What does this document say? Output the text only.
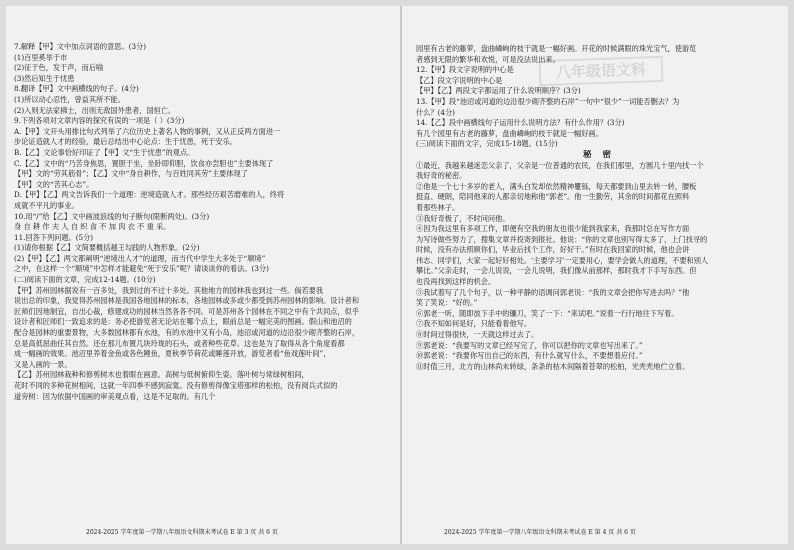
7.解释【甲】文中加点词语的意思。(3分)
(1)百里奚举于市
(2)征于色，发于声，而后喻
(3)然后知生于忧患
8.翻译【甲】文中画横线的句子。(4分)
(1)所以动心忍性，曾益其所不能。
(2)入则无法家拂士，出则无敌国外患者，国恒亡。
9.下列各项对文章内容的探究有误的一项是（ ）(3分)
A.【甲】文开头用排比句式列举了六位历史上著名人物的事例，又从正反两方面进一
步论证造就人才的经验，最后总结出中心论点：生于忧患，死于安乐。
B.【乙】文论事恰好印证了【甲】文“生于忧患”的观点。
C.【乙】文中的“乃苦身焦思，置胆于坐，坐卧即仰胆，饮食亦尝胆也”主要体现了
【甲】文的“劳其筋骨”；【乙】文中“身自耕作，与百姓同其劳”主要体现了
【甲】文的“苦其心志”。
D.【甲】【乙】两文告诉我们一个道理：逆境造就人才。那些经历艰苦磨难的人，终将
成就不平凡的事业。
10.用“/”给【乙】文中画波浪线的句子断句(限断两处)。(3分)
身 自 耕 作 夫 人 自 织 食 不 加 肉 衣 不 重 采。
11.回答下列问题。(5分)
(1)请你根据【乙】文简要概括越王勾践的人物形象。(2分)
(2)【甲】【乙】两文都阐明“逆境出人才”的道理，而当代中学生大多处于“顺境”
之中，在这样一个“顺境”中怎样才能避免“死于安乐”呢？请谈谈你的看法。(3分)
(二)阅读下面的文章，完成12-14题。(10分)
【甲】苏州园林据说有一百多处，我到过的不过十多处。其他地方的园林我也到过一些。倘若要我
说出总的印象，我觉得苏州园林是我国各地园林的标本，各地园林或多或少都受到苏州园林的影响。设计者和
匠师们因地制宜，自出心裁，修建成功的园林当然各各不同。可是苏州各个园林在不同之中有个共同点，似乎
设计者和匠师们一致追求的是：务必使游览者无论站在哪个点上，眼前总是一幅完美的图画。假山和池沼的
配合是园林的重要景物，大多数园林都有水池，有的水池中又有小岛，池沼或河道的边沿很少砌齐整的石岸，
总是高低屈曲任其自然。还在那儿布置几块玲珑的石头，或者种些花草。这也是为了取得从各个角度看都
成一幅画的效果。池沼里养着金鱼或各色鲤鱼，夏秋季节荷花或睡莲开放，游览者看“鱼戏莲叶间”，
又是入画的一景。
【乙】苏州园林栽种和修剪树木也着眼在画意。高树与低树俯仰生姿。落叶树与常绿树相间，
花时不同的多种花树相间，这就一年四季不感到寂寞。没有修剪得像宝塔那样的松柏，没有阅兵式似的
道旁树：因为依据中国画的审美观点看，这是不足取的。有几个
2024-2025 学年度第一学期八年级语文科期末考试卷 E 第 3 页 共 6 页
八年级语文科
园里有古老的藤萝，盘曲嶙峋的枝干就是一幅好画。开花的时候满眼的珠光宝气，使游览
者感到无限的繁华和欢悦，可是没法说出来。
12.【甲】段文字说明的中心是
【乙】段文字说明的中心是
【甲】【乙】两段文字都运用了什么说明顺序？(3分)
13.【甲】段“池沼或河道的边沿很少砌齐整的石岸”一句中“很少”一词能否删去？为
什么？(4分)
14.【乙】段中画横线句子运用什么说明方法？有什么作用？(3分)
有几个园里有古老的藤萝，盘曲嶙峋的枝干就是一幅好画。
(三)阅读下面的文字，完成15-18题。(15分)
秘 密
①最近，我越来越迷恋父亲了，父亲是一位普通的农民，在我们那里，方圆几十里内找一个
我好奇的秘密。
②他是一个七十多岁的老人，满头白发却依然精神矍铄，每天都要到山里去转一转，腰板
挺直、硬朗，陪同他来的人都亲切地称他“郭老”。他一生勤劳，其余的时间都花在照料
着那些林子。
③我好奇极了，不时问问他。
④因为我这里有多项工作，即便有空我的朋友也很少能到我家来，我那时总在写作方面
为写诗做些努力了，搜集文章并投寄到报社。他说：“你的文章也别写得太多了，上门找寻的
时候，没有办法照顾你们，毕业后找个工作，好好干。”有时在我回家的时候，他也会讲
伟志、同学们，大家一起好好相处。‘主要学习’一定要用心，要学会做人的道理，不要和别人
攀比。”父亲走时，一会儿说说，一会儿说明，我们像从前那样，那时我才下手写东西。但
也没再找到这样的机会。
⑤我试着写了几个句子，以一种平静的语调问郭老说：“我的文章会把你写进去吗？”他
笑了笑说：“好的。”
⑥郭老一听，随即放下手中的镰刀，笑了一下：“来试吧。”说着一行行地往下写着。
⑦我不知如何是好，只能看着他写。
⑧时间过得很快，一天就这样过去了。
⑨郭老说：“我要写的文章已经写完了，你可以把你的文章也写出来了。”
⑩郭老说：“我要你写出自己的东西，有什么就写什么，不要想着应付。”
⑪时值三月，北方的山林尚未转绿，条条的枯木间隔着苍翠的松柏，光秃秃地伫立着。
2024-2025 学年度第一学期八年级语文科期末考试卷 E 第 4 页 共 6 页
